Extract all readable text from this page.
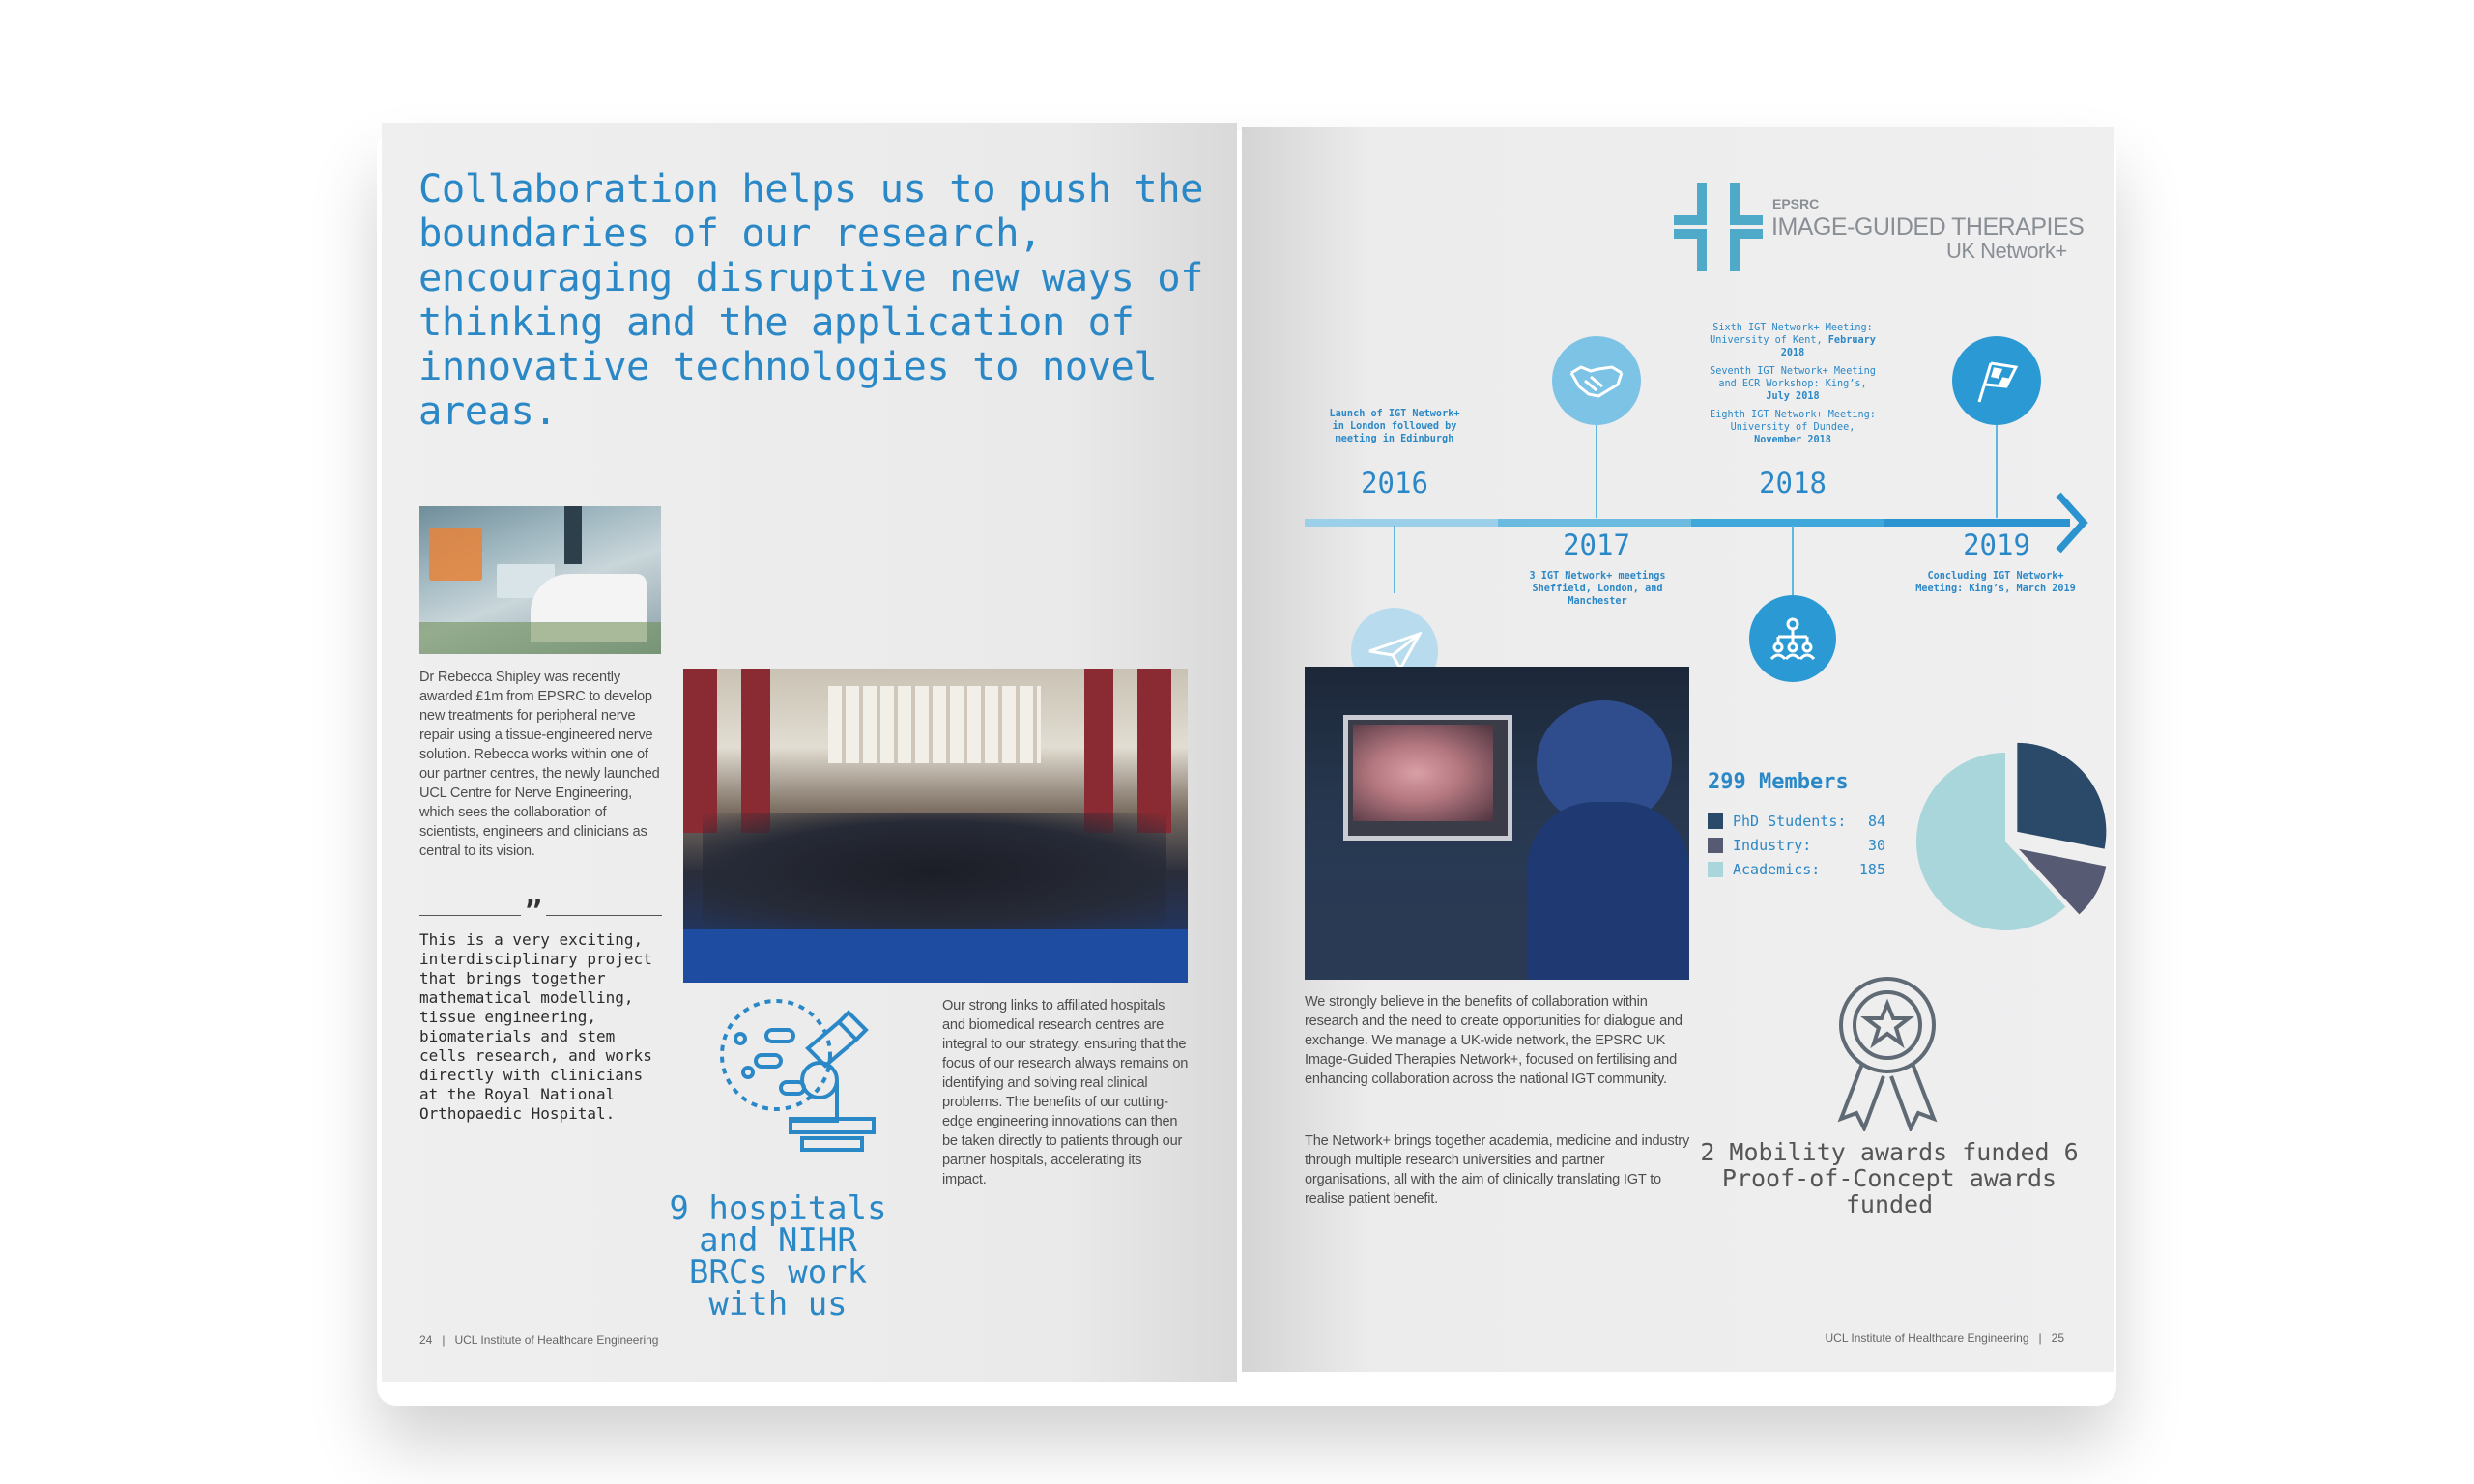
Collaboration helps us to push the boundaries of our research, encouraging disruptive new ways of thinking and the application of innovative technologies to novel areas.
Dr Rebecca Shipley was recently awarded £1m from EPSRC to develop new treatments for peripheral nerve repair using a tissue-engineered nerve solution. Rebecca works within one of our partner centres, the newly launched UCL Centre for Nerve Engineering, which sees the collaboration of scientists, engineers and clinicians as central to its vision.
”
This is a very exciting, interdisciplinary project that brings together mathematical modelling, tissue engineering, biomaterials and stem cells research, and works directly with clinicians at the Royal National Orthopaedic Hospital.
9 hospitals and NIHR BRCs work with us
Our strong links to affiliated hospitals and biomedical research centres are integral to our strategy, ensuring that the focus of our research always remains on identifying and solving real clinical problems. The benefits of our cutting-edge engineering innovations can then be taken directly to patients through our partner hospitals, accelerating its impact.
24   |   UCL Institute of Healthcare Engineering
EPSRC
IMAGE-GUIDED THERAPIES
UK Network+
Launch of IGT Network+ in London followed by meeting in Edinburgh
2016
2017
3 IGT Network+ meetings Sheffield, London, and Manchester
Sixth IGT Network+ Meeting: University of Kent, February 2018
Seventh IGT Network+ Meeting and ECR Workshop: King’s, July 2018
Eighth IGT Network+ Meeting: University of Dundee, November 2018
2018
2019
Concluding IGT Network+ Meeting: King’s, March 2019
299 Members
PhD Students:	84
Industry:	30
Academics:	185
2 Mobility awards funded 6 Proof-of-Concept awards funded
We strongly believe in the benefits of collaboration within research and the need to create opportunities for dialogue and exchange. We manage a UK-wide network, the EPSRC UK Image-Guided Therapies Network+, focused on fertilising and enhancing collaboration across the national IGT community.
The Network+ brings together academia, medicine and industry through multiple research universities and partner organisations, all with the aim of clinically translating IGT to realise patient benefit.
UCL Institute of Healthcare Engineering   |   25
